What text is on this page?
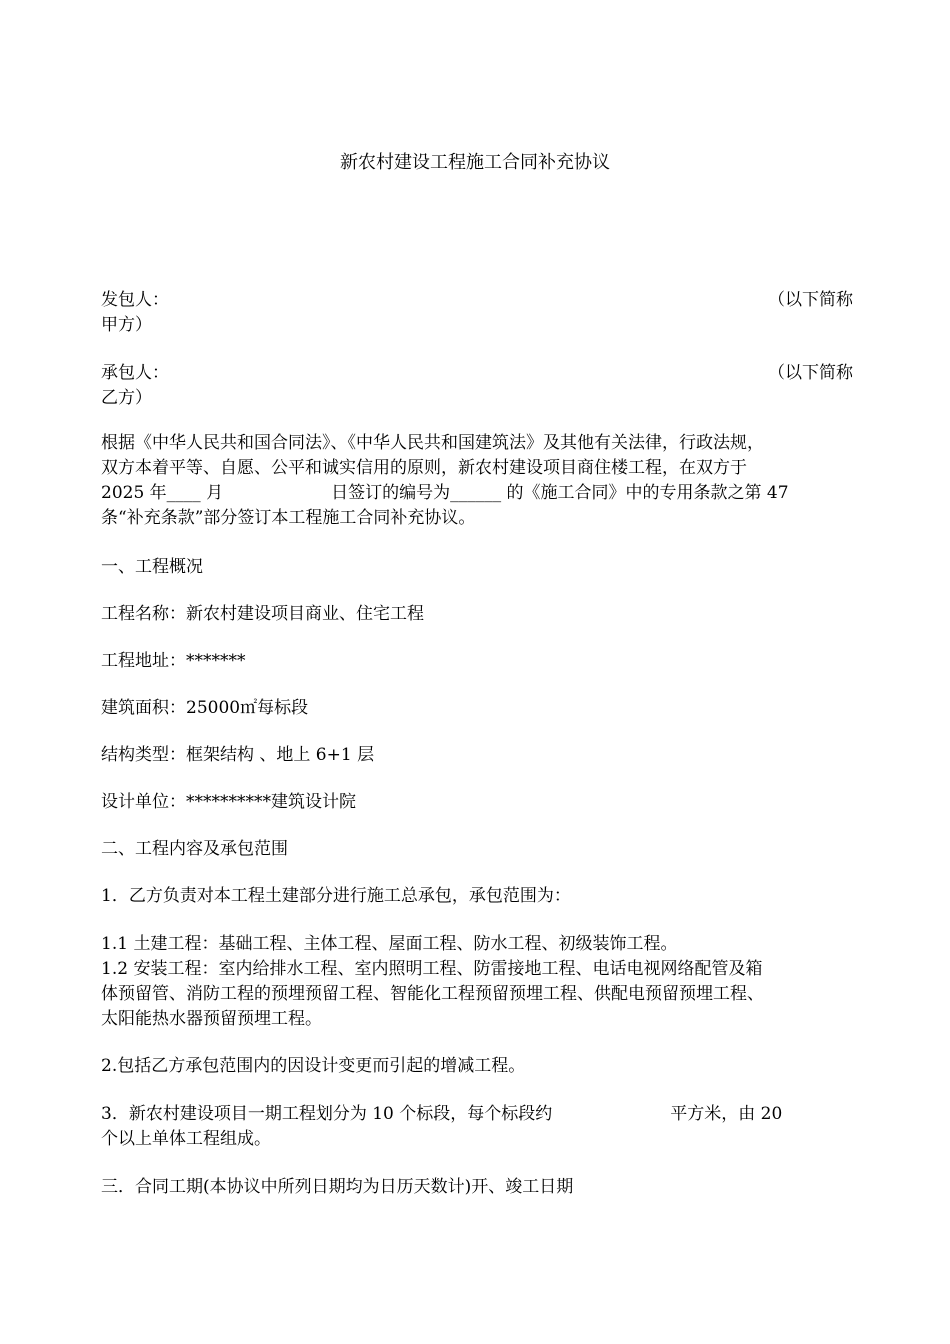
新农村建设工程施工合同补充协议
发包人：	（以下简称
甲方）
承包人：	（以下简称
乙方）
根据《中华人民共和国合同法》、《中华人民共和国建筑法》及其他有关法律，行政法规，
双方本着平等、自愿、公平和诚实信用的原则，新农村建设项目商住楼工程，在双方于
2025 年____ 月	日签订的编号为______ 的《施工合同》中的专用条款之第 47
条“补充条款”部分签订本工程施工合同补充协议。
一、工程概况
工程名称：新农村建设项目商业、住宅工程
工程地址：*******
建筑面积：25000㎡每标段
结构类型：框架结构 、地上 6+1 层
设计单位：**********建筑设计院
二、工程内容及承包范围
1．乙方负责对本工程土建部分进行施工总承包，承包范围为：
1.1 土建工程：基础工程、主体工程、屋面工程、防水工程、初级装饰工程。
1.2 安装工程：室内给排水工程、室内照明工程、防雷接地工程、电话电视网络配管及箱
体预留管、消防工程的预埋预留工程、智能化工程预留预埋工程、供配电预留预埋工程、
太阳能热水器预留预埋工程。
2.包括乙方承包范围内的因设计变更而引起的增减工程。
3．新农村建设项目一期工程划分为 10 个标段，每个标段约	平方米，由 20
个以上单体工程组成。
三．合同工期(本协议中所列日期均为日历天数计)开、竣工日期
